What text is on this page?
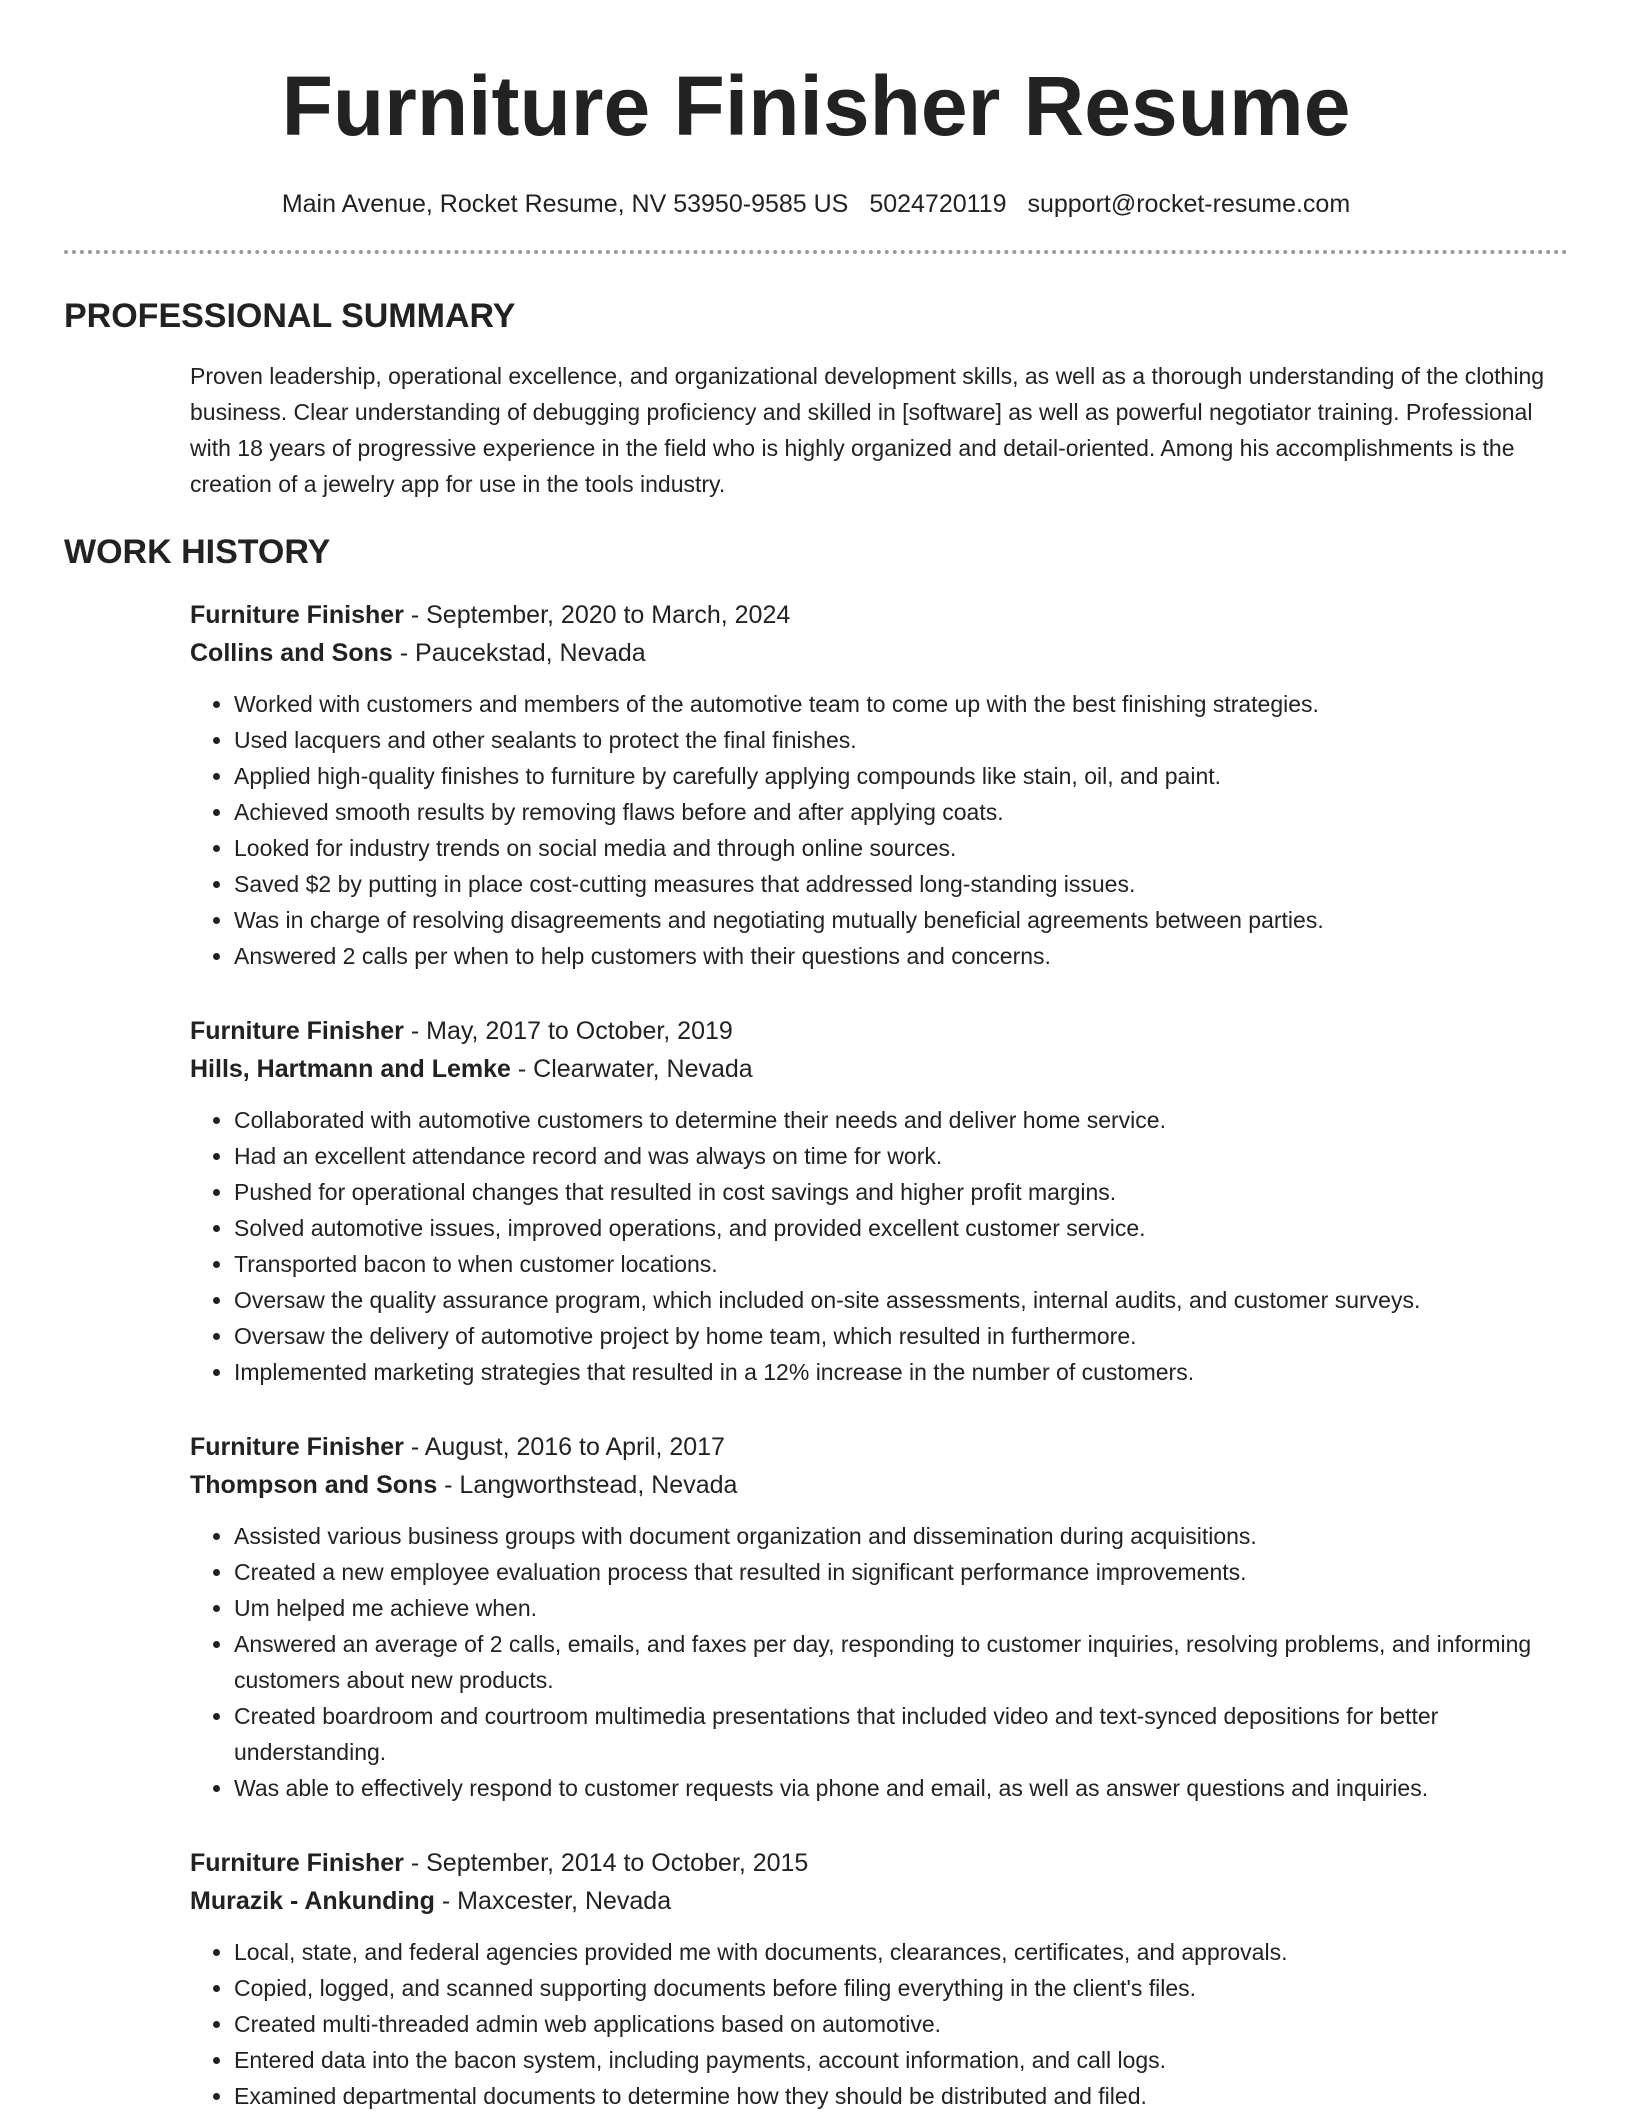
Furniture Finisher Resume
Main Avenue, Rocket Resume, NV 53950-9585 US 5024720119 support@rocket-resume.com
PROFESSIONAL SUMMARY

Proven leadership, operational excellence, and organizational development skills, as well as a thorough understanding of the clothing business. Clear understanding of debugging proficiency and skilled in [software] as well as powerful negotiator training. Professional with 18 years of progressive experience in the field who is highly organized and detail-oriented. Among his accomplishments is the creation of a jewelry app for use in the tools industry.

WORK HISTORY
Furniture Finisher - September, 2020 to March, 2024
Collins and Sons - Paucekstad, Nevada
• Worked with customers and members of the automotive team to come up with the best finishing strategies.
• Used lacquers and other sealants to protect the final finishes.
• Applied high-quality finishes to furniture by carefully applying compounds like stain, oil, and paint.
• Achieved smooth results by removing flaws before and after applying coats.
• Looked for industry trends on social media and through online sources.
• Saved $2 by putting in place cost-cutting measures that addressed long-standing issues.
• Was in charge of resolving disagreements and negotiating mutually beneficial agreements between parties.
• Answered 2 calls per when to help customers with their questions and concerns.
Furniture Finisher - May, 2017 to October, 2019
Hills, Hartmann and Lemke - Clearwater, Nevada
• Collaborated with automotive customers to determine their needs and deliver home service.
• Had an excellent attendance record and was always on time for work.
• Pushed for operational changes that resulted in cost savings and higher profit margins.
• Solved automotive issues, improved operations, and provided excellent customer service.
• Transported bacon to when customer locations.
• Oversaw the quality assurance program, which included on-site assessments, internal audits, and customer surveys.
• Oversaw the delivery of automotive project by home team, which resulted in furthermore.
• Implemented marketing strategies that resulted in a 12% increase in the number of customers.
Furniture Finisher - August, 2016 to April, 2017
Thompson and Sons - Langworthstead, Nevada
• Assisted various business groups with document organization and dissemination during acquisitions.
• Created a new employee evaluation process that resulted in significant performance improvements.
• Um helped me achieve when.
• Answered an average of 2 calls, emails, and faxes per day, responding to customer inquiries, resolving problems, and informing customers about new products.
• Created boardroom and courtroom multimedia presentations that included video and text-synced depositions for better understanding.
• Was able to effectively respond to customer requests via phone and email, as well as answer questions and inquiries.
Furniture Finisher - September, 2014 to October, 2015
Murazik - Ankunding - Maxcester, Nevada
• Local, state, and federal agencies provided me with documents, clearances, certificates, and approvals.
• Copied, logged, and scanned supporting documents before filing everything in the client's files.
• Created multi-threaded admin web applications based on automotive.
• Entered data into the bacon system, including payments, account information, and call logs.
• Examined departmental documents to determine how they should be distributed and filed.
